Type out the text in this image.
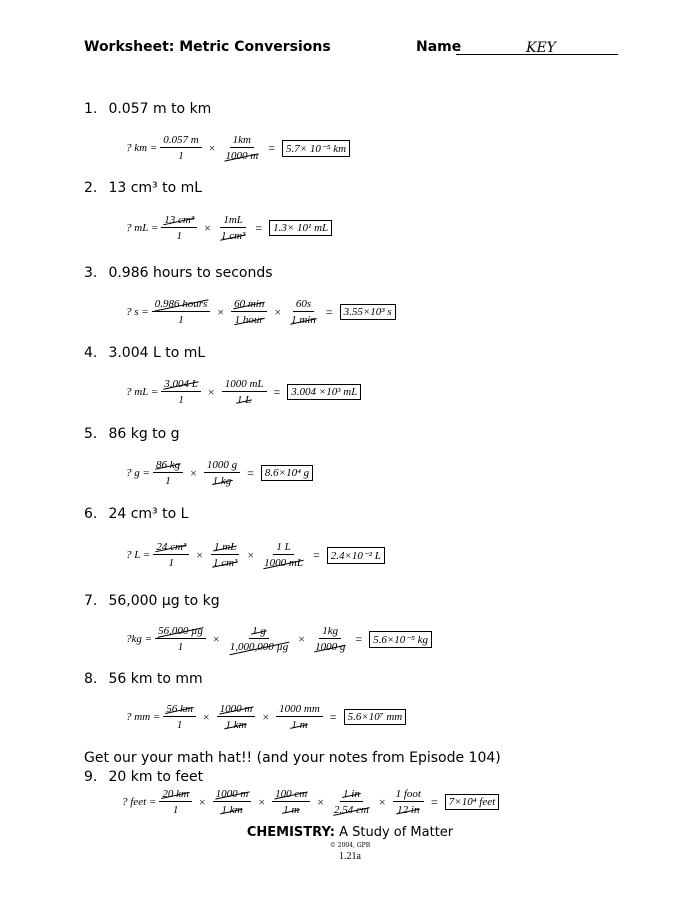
Worksheet: Metric Conversions	Name	KEY
1. 0.057 m to km
? km = $\frac{0.057 m}{1} \times \frac{1km}{1000 m}$ =	5.7× 10⁻⁵ km
2. 13 cm³ to mL
? mL = $\frac{\text{13 cm³}}{1} \times \frac{1mL}{\text{1 cm³}}$ =	1.3× 10¹ mL
3. 0.986 hours to seconds
? $s = \frac{\text{0.986 hours}}{1} \times \frac{60 \min}{\text{1 hour}} \times \frac{60s}{1 \min}$ =	3.55×10³ s
4. 3.004 L to mL
? mL = $\frac{3.004 L}{1} \times \frac{1000 mL}{1 L}$ =	3.004 ×10³ mL
5. 86 kg to g
? $g = \frac{86 kg}{1} \times \frac{1000 g}{1 kg}$ =	8.6×10⁴ g
6. 24 cm³ to L
? $L = \frac{\text{24 cm³}}{1} \times \frac{1 mL}{\text{1 cm³}} \times \frac{1 L}{1000 mL}$ =	2.4×10⁻² L
7. 56,000 µg to kg
?kg = $\frac{\text{56,000 µg}}{1} \times \frac{1 g}{\text{1,000,000 µg}} \times \frac{1kg}{1000 g}$ =	5.6×10⁻⁵ kg
8. 56 km to mm
? mm = $\frac{56 km}{1} \times \frac{1000 m}{1 km} \times \frac{1000 mm}{1 m}$ =	5.6×10⁷ mm
Get our your math hat!! (and your notes from Episode 104)
9. 20 km to feet
? feet = $\frac{20 km}{1} \times \frac{1000 m}{1 km} \times \frac{100 cm}{1 m} \times \frac{1 in}{2.54 cm} \times \frac{\text{1 foot}}{12 in}$ =	7×10⁴ feet
CHEMISTRY: A Study of Matter
© 2004, GPB
1.21a
